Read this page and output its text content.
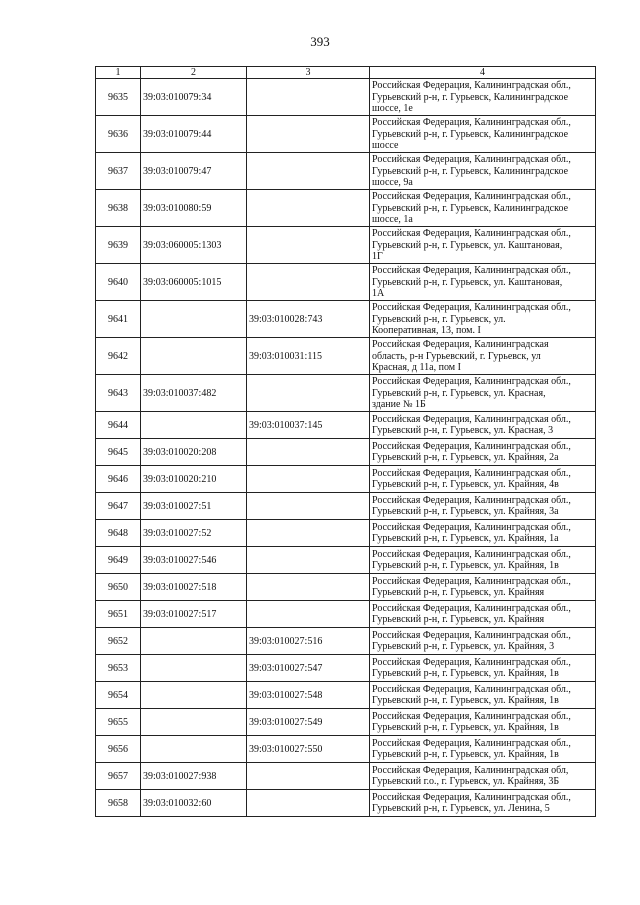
393
1	2	3	4
9635	39:03:010079:34		Российская Федерация, Калининградская обл.,
Гурьевский р-н, г. Гурьевск, Калининградское
шоссе, 1е

9636	39:03:010079:44		Российская Федерация, Калининградская обл.,
Гурьевский р-н, г. Гурьевск, Калининградское
шоссе

9637	39:03:010079:47		Российская Федерация, Калининградская обл.,
Гурьевский р-н, г. Гурьевск, Калининградское
шоссе, 9а

9638	39:03:010080:59		Российская Федерация, Калининградская обл.,
Гурьевский р-н, г. Гурьевск, Калининградское
шоссе, 1а

9639	39:03:060005:1303		Российская Федерация, Калининградская обл.,
Гурьевский р-н, г. Гурьевск, ул. Каштановая,
1Г

9640	39:03:060005:1015		Российская Федерация, Калининградская обл.,
Гурьевский р-н, г. Гурьевск, ул. Каштановая,
1А

9641		39:03:010028:743	Российская Федерация, Калининградская обл.,
Гурьевский р-н, г. Гурьевск, ул.
Кооперативная, 13, пом. I

9642		39:03:010031:115	Российская Федерация, Калининградская
область, р-н Гурьевский, г. Гурьевск, ул
Красная, д 11а, пом I

9643	39:03:010037:482		Российская Федерация, Калининградская обл.,
Гурьевский р-н, г. Гурьевск, ул. Красная,
здание № 1Б

9644		39:03:010037:145	Российская Федерация, Калининградская обл.,
Гурьевский р-н, г. Гурьевск, ул. Красная, 3

9645	39:03:010020:208		Российская Федерация, Калининградская обл.,
Гурьевский р-н, г. Гурьевск, ул. Крайняя, 2а

9646	39:03:010020:210		Российская Федерация, Калининградская обл.,
Гурьевский р-н, г. Гурьевск, ул. Крайняя, 4в

9647	39:03:010027:51		Российская Федерация, Калининградская обл.,
Гурьевский р-н, г. Гурьевск, ул. Крайняя, 3а

9648	39:03:010027:52		Российская Федерация, Калининградская обл.,
Гурьевский р-н, г. Гурьевск, ул. Крайняя, 1а

9649	39:03:010027:546		Российская Федерация, Калининградская обл.,
Гурьевский р-н, г. Гурьевск, ул. Крайняя, 1в

9650	39:03:010027:518		Российская Федерация, Калининградская обл.,
Гурьевский р-н, г. Гурьевск, ул. Крайняя

9651	39:03:010027:517		Российская Федерация, Калининградская обл.,
Гурьевский р-н, г. Гурьевск, ул. Крайняя

9652		39:03:010027:516	Российская Федерация, Калининградская обл.,
Гурьевский р-н, г. Гурьевск, ул. Крайняя, 3

9653		39:03:010027:547	Российская Федерация, Калининградская обл.,
Гурьевский р-н, г. Гурьевск, ул. Крайняя, 1в

9654		39:03:010027:548	Российская Федерация, Калининградская обл.,
Гурьевский р-н, г. Гурьевск, ул. Крайняя, 1в

9655		39:03:010027:549	Российская Федерация, Калининградская обл.,
Гурьевский р-н, г. Гурьевск, ул. Крайняя, 1в

9656		39:03:010027:550	Российская Федерация, Калининградская обл.,
Гурьевский р-н, г. Гурьевск, ул. Крайняя, 1в

9657	39:03:010027:938		Российская Федерация, Калининградская обл,
Гурьевский г.о., г. Гурьевск, ул. Крайняя, 3Б

9658	39:03:010032:60		Российская Федерация, Калининградская обл.,
Гурьевский р-н, г. Гурьевск, ул. Ленина, 5
